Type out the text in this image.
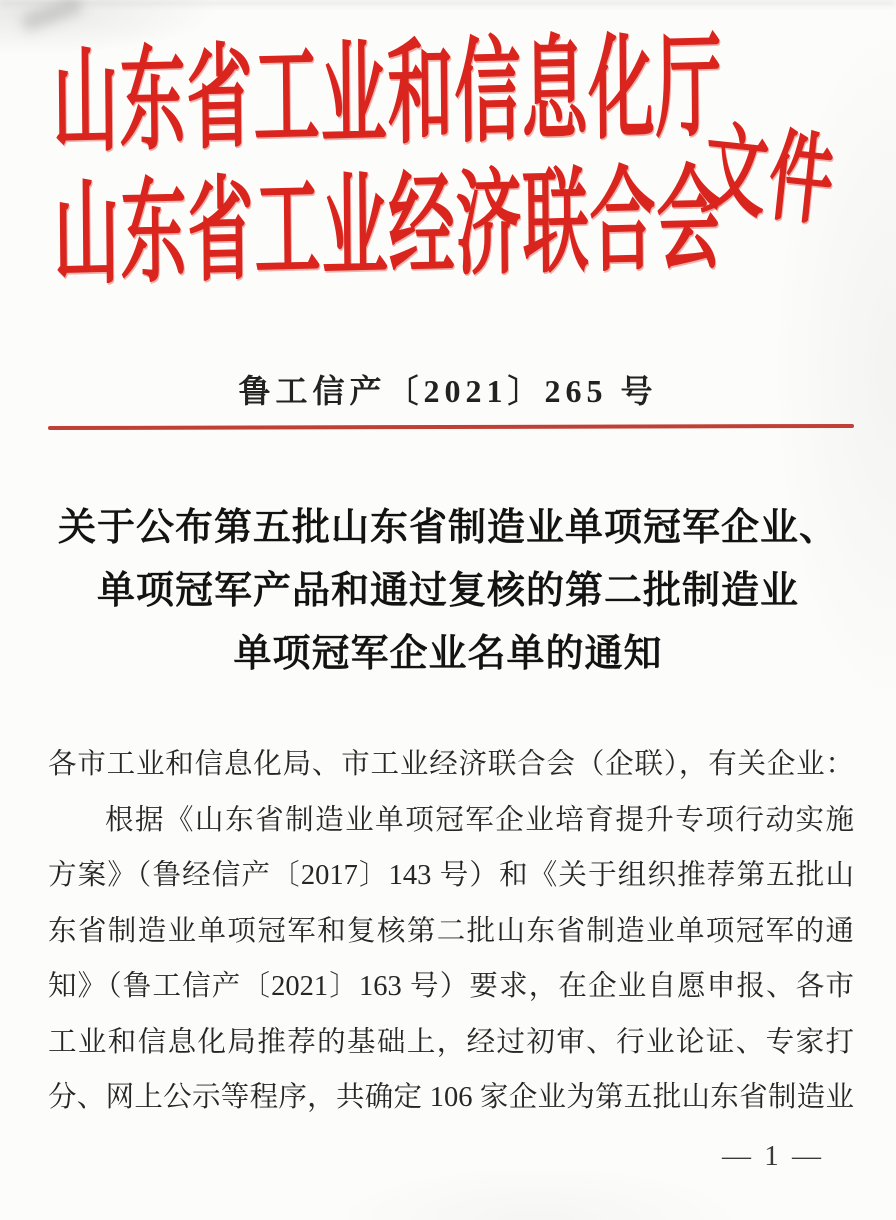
山东省工业和信息化厅
山东省工业经济联合会
文件
鲁工信产〔2021〕265 号
关于公布第五批山东省制造业单项冠军企业、
单项冠军产品和通过复核的第二批制造业
单项冠军企业名单的通知
各市工业和信息化局、市工业经济联合会（企联），有关企业：
根据《山东省制造业单项冠军企业培育提升专项行动实施
方案》（鲁经信产〔2017〕143 号）和《关于组织推荐第五批山
东省制造业单项冠军和复核第二批山东省制造业单项冠军的通
知》（鲁工信产〔2021〕163 号）要求，在企业自愿申报、各市
工业和信息化局推荐的基础上，经过初审、行业论证、专家打
分、网上公示等程序，共确定 106 家企业为第五批山东省制造业
— 1 —
